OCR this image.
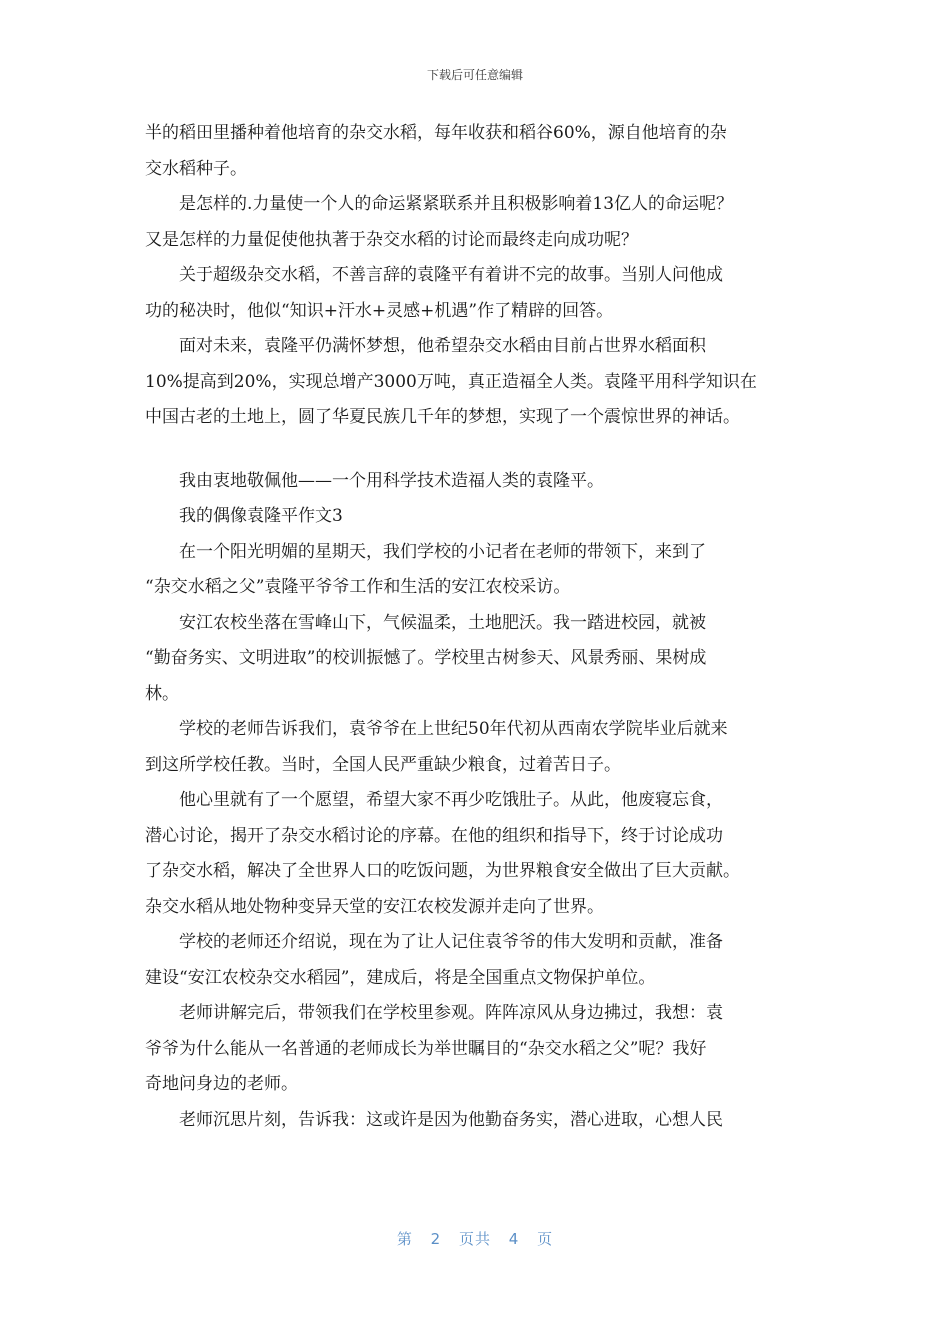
下载后可任意编辑
半的稻田里播种着他培育的杂交水稻，每年收获和稻谷60%，源自他培育的杂
交水稻种子。
　　是怎样的.力量使一个人的命运紧紧联系并且积极影响着13亿人的命运呢？
又是怎样的力量促使他执著于杂交水稻的讨论而最终走向成功呢？
　　关于超级杂交水稻，不善言辞的袁隆平有着讲不完的故事。当别人问他成
功的秘决时，他似“知识+汗水+灵感+机遇”作了精辟的回答。
　　面对未来，袁隆平仍满怀梦想，他希望杂交水稻由目前占世界水稻面积
10%提高到20%，实现总增产3000万吨，真正造福全人类。袁隆平用科学知识在
中国古老的土地上，圆了华夏民族几千年的梦想，实现了一个震惊世界的神话。
　　我由衷地敬佩他——一个用科学技术造福人类的袁隆平。
　　我的偶像袁隆平作文3
　　在一个阳光明媚的星期天，我们学校的小记者在老师的带领下，来到了
“杂交水稻之父”袁隆平爷爷工作和生活的安江农校采访。
　　安江农校坐落在雪峰山下，气候温柔，土地肥沃。我一踏进校园，就被
“勤奋务实、文明进取”的校训振憾了。学校里古树参天、风景秀丽、果树成
林。
　　学校的老师告诉我们，袁爷爷在上世纪50年代初从西南农学院毕业后就来
到这所学校任教。当时，全国人民严重缺少粮食，过着苦日子。
　　他心里就有了一个愿望，希望大家不再少吃饿肚子。从此，他废寝忘食，
潜心讨论，揭开了杂交水稻讨论的序幕。在他的组织和指导下，终于讨论成功
了杂交水稻，解决了全世界人口的吃饭问题，为世界粮食安全做出了巨大贡献。
杂交水稻从地处物种变异天堂的安江农校发源并走向了世界。
　　学校的老师还介绍说，现在为了让人记住袁爷爷的伟大发明和贡献，准备
建设“安江农校杂交水稻园”，建成后，将是全国重点文物保护单位。
　　老师讲解完后，带领我们在学校里参观。阵阵凉风从身边拂过，我想：袁
爷爷为什么能从一名普通的老师成长为举世瞩目的“杂交水稻之父”呢？我好
奇地问身边的老师。
　　老师沉思片刻，告诉我：这或许是因为他勤奋务实，潜心进取，心想人民
第 2 页共 4 页
